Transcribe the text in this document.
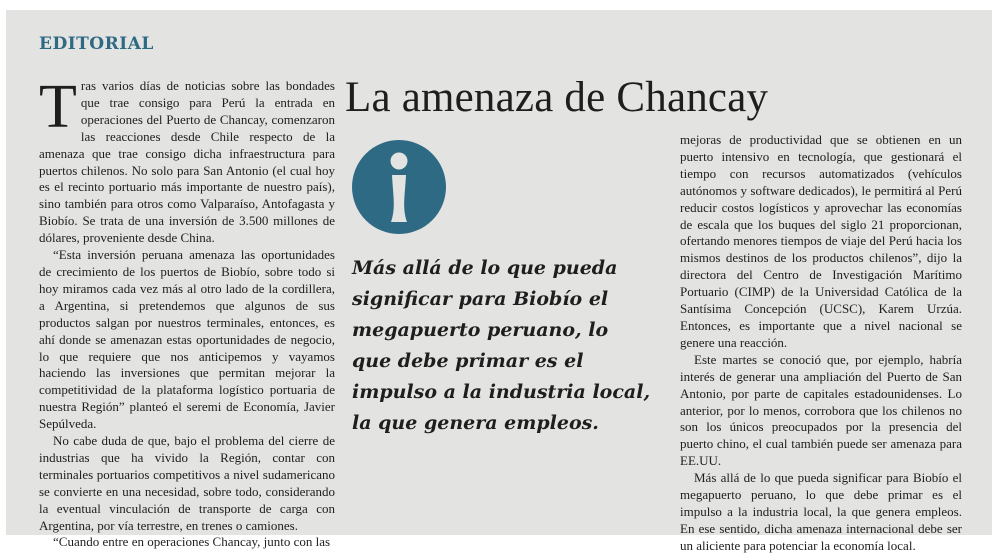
EDITORIAL

Tras varios días de noticias sobre las bondades que trae consigo para Perú la entrada en operaciones del Puerto de Chancay, comenzaron las reacciones desde Chile respecto de la amenaza que trae consigo dicha infraestructura para puertos chilenos. No solo para San Antonio (el cual hoy es el recinto portuario más importante de nuestro país), sino también para otros como Valparaíso, Antofagasta y Biobío. Se trata de una inversión de 3.500 millones de dólares, proveniente desde China.

“Esta inversión peruana amenaza las oportunidades de crecimiento de los puertos de Biobío, sobre todo si hoy miramos cada vez más al otro lado de la cordillera, a Argentina, si pretendemos que algunos de sus productos salgan por nuestros terminales, entonces, es ahí donde se amenazan estas oportunidades de negocio, lo que requiere que nos anticipemos y vayamos haciendo las inversiones que permitan mejorar la competitividad de la plataforma logístico portuaria de nuestra Región” planteó el seremi de Economía, Javier Sepúlveda.

No cabe duda de que, bajo el problema del cierre de industrias que ha vivido la Región, contar con terminales portuarios competitivos a nivel sudamericano se convierte en una necesidad, sobre todo, considerando la eventual vinculación de transporte de carga con Argentina, por vía terrestre, en trenes o camiones.

“Cuando entre en operaciones Chancay, junto con las

La amenaza de Chancay
Más allá de lo que pueda significar para Biobío el megapuerto peruano, lo que debe primar es el impulso a la industria local, la que genera empleos.

mejoras de productividad que se obtienen en un puerto intensivo en tecnología, que gestionará el tiempo con recursos automatizados (vehículos autónomos y software dedicados), le permitirá al Perú reducir costos logísticos y aprovechar las economías de escala que los buques del siglo 21 proporcionan, ofertando menores tiempos de viaje del Perú hacia los mismos destinos de los productos chilenos”, dijo la directora del Centro de Investigación Marítimo Portuario (CIMP) de la Universidad Católica de la Santísima Concepción (UCSC), Karem Urzúa. Entonces, es importante que a nivel nacional se genere una reacción.

Este martes se conoció que, por ejemplo, habría interés de generar una ampliación del Puerto de San Antonio, por parte de capitales estadounidenses. Lo anterior, por lo menos, corrobora que los chilenos no son los únicos preocupados por la presencia del puerto chino, el cual también puede ser amenaza para EE.UU.

Más allá de lo que pueda significar para Biobío el megapuerto peruano, lo que debe primar es el impulso a la industria local, la que genera empleos. En ese sentido, dicha amenaza internacional debe ser un aliciente para potenciar la economía local.
